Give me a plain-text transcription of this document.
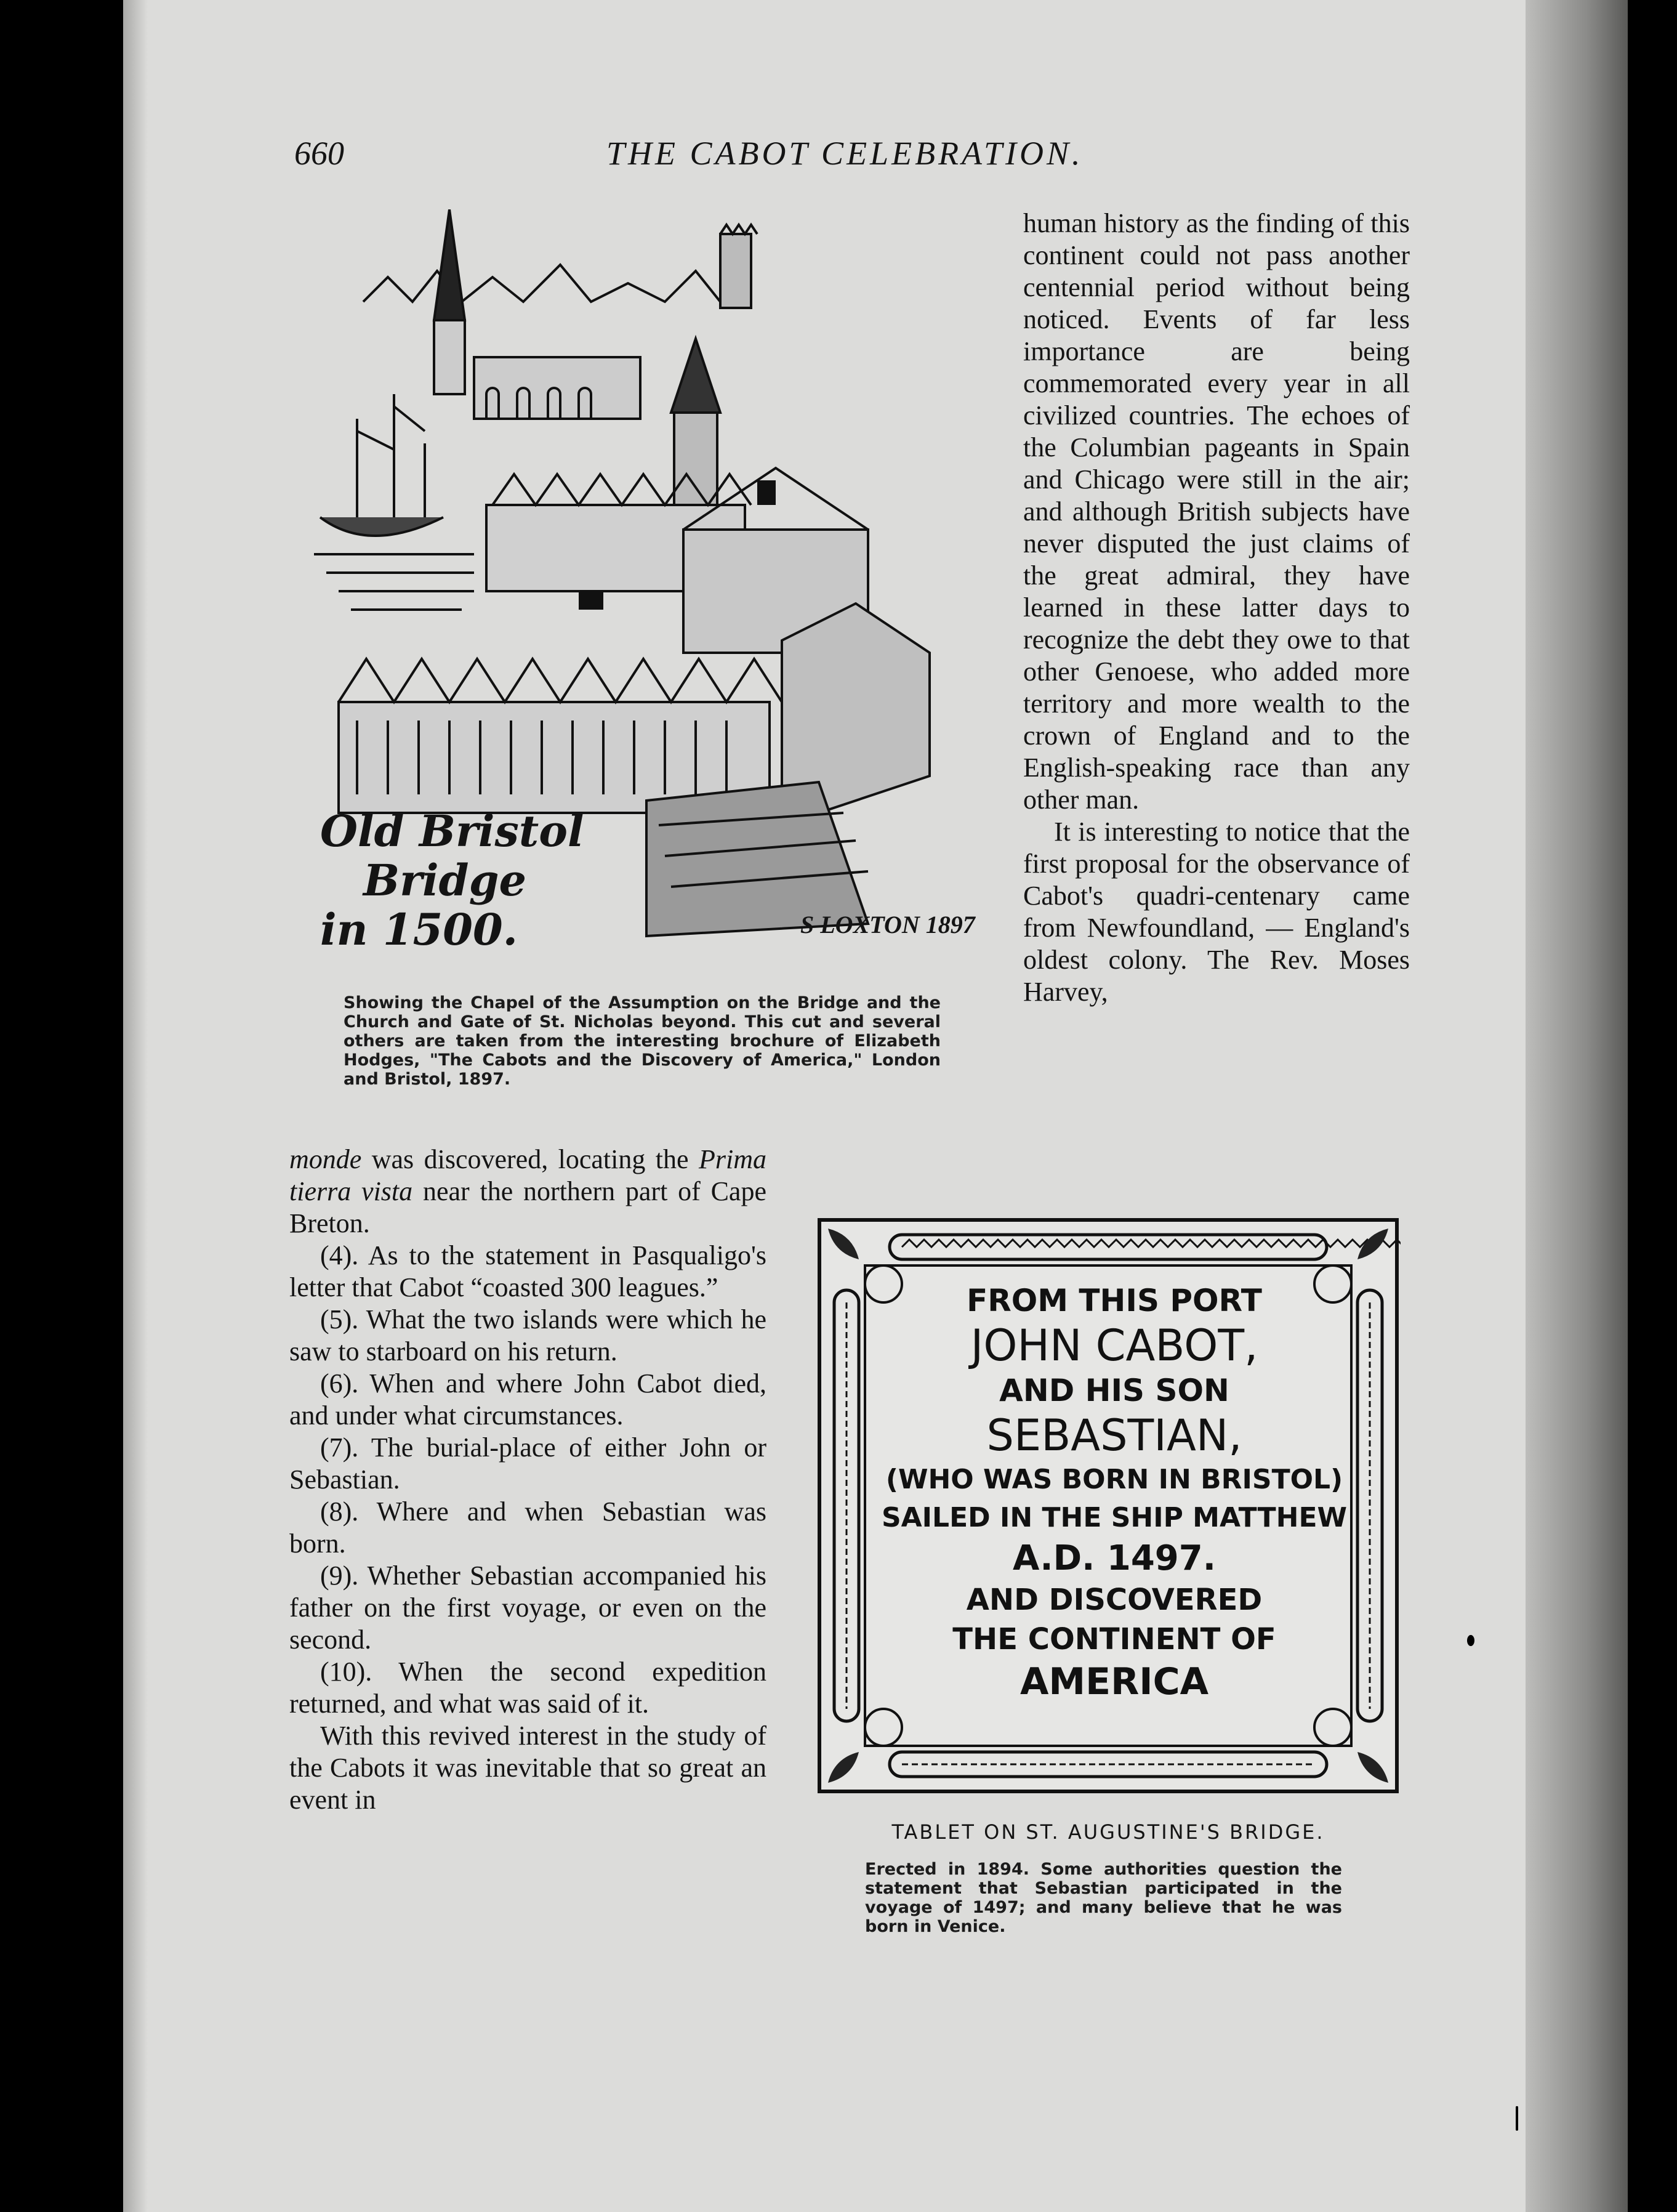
660	THE CABOT CELEBRATION.
Old Bristol
Bridge
in 1500.	S LOXTON 1897
Showing the Chapel of the Assumption on the Bridge and the Church and Gate of St. Nicholas beyond. This cut and several others are taken from the interesting brochure of Elizabeth Hodges, "The Cabots and the Discovery of America," London and Bristol, 1897.

human history as the finding of this continent could not pass another centennial period without being noticed. Events of far less importance are being commemorated every year in all civilized countries. The echoes of the Columbian pageants in Spain and Chicago were still in the air; and although British subjects have never disputed the just claims of the great admiral, they have learned in these latter days to recognize the debt they owe to that other Genoese, who added more territory and more wealth to the crown of England and to the English-speaking race than any other man.

It is interesting to notice that the first proposal for the observance of Cabot's quadri-centenary came from Newfoundland, — England's oldest colony. The Rev. Moses Harvey,

monde was discovered, locating the Prima tierra vista near the northern part of Cape Breton.

(4). As to the statement in Pasqualigo's letter that Cabot “coasted 300 leagues.”

(5). What the two islands were which he saw to starboard on his return.

(6). When and where John Cabot died, and under what circumstances.

(7). The burial-place of either John or Sebastian.

(8). Where and when Sebastian was born.

(9). Whether Sebastian accompanied his father on the first voyage, or even on the second.

(10). When the second expedition returned, and what was said of it.

With this revived interest in the study of the Cabots it was inevitable that so great an event in

FROM THIS PORT
JOHN CABOT,
AND HIS SON
SEBASTIAN,
(WHO WAS BORN IN BRISTOL)
SAILED IN THE SHIP MATTHEW
A.D. 1497.
AND DISCOVERED
THE CONTINENT OF
AMERICA
TABLET ON ST. AUGUSTINE'S BRIDGE.
Erected in 1894. Some authorities question the statement that Sebastian participated in the voyage of 1497; and many believe that he was born in Venice.
